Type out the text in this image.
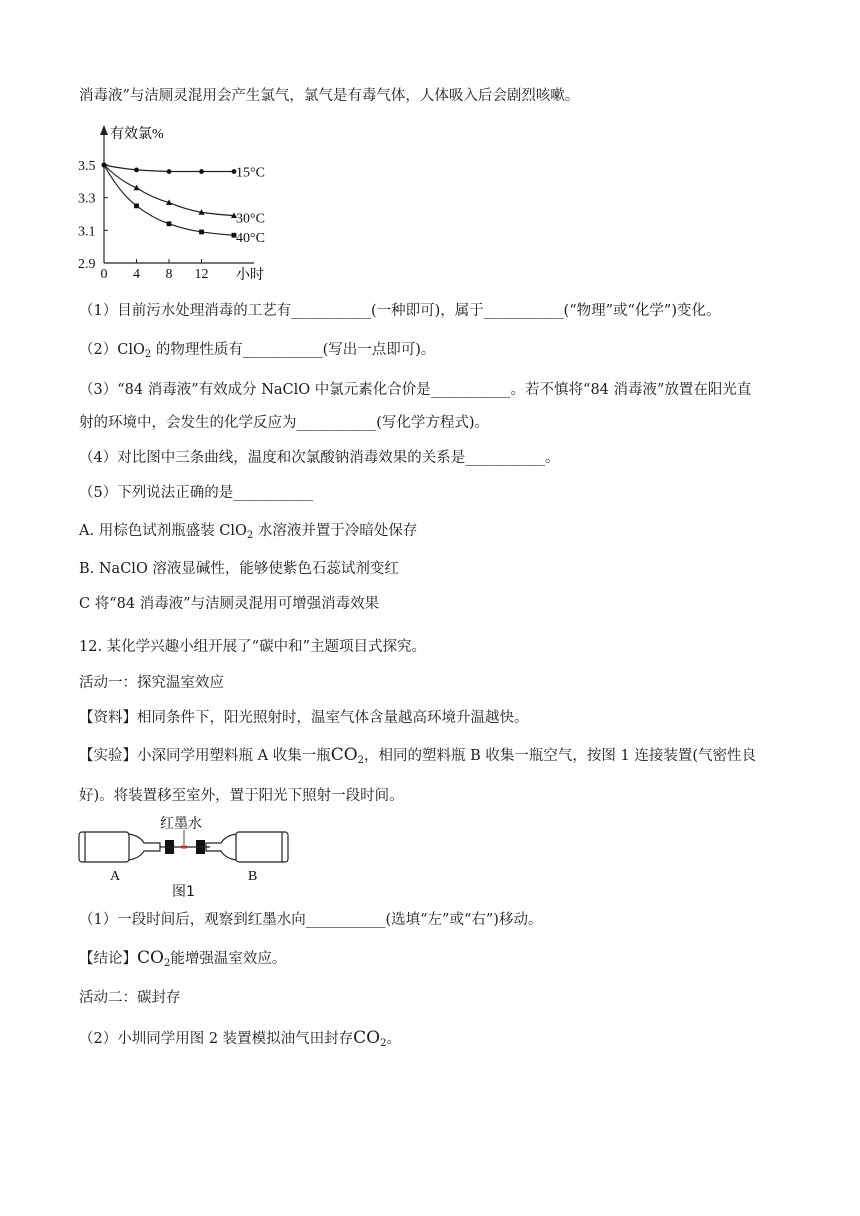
消毒液”与洁厕灵混用会产生氯气，氯气是有毒气体，人体吸入后会剧烈咳嗽。
有效氯%
小时
2.9
3.1
3.3
3.5
0 4 8 12
15°C
30°C
40°C
（1）目前污水处理消毒的工艺有___________(一种即可)，属于___________(“物理”或“化学”)变化。
（2）ClO$_2$ 的物理性质有___________(写出一点即可)。
（3）“84 消毒液”有效成分 NaClO 中氯元素化合价是___________。若不慎将“84 消毒液”放置在阳光直
射的环境中，会发生的化学反应为___________(写化学方程式)。
（4）对比图中三条曲线，温度和次氯酸钠消毒效果的关系是___________。
（5）下列说法正确的是___________
A. 用棕色试剂瓶盛装 ClO$_2$ 水溶液并置于冷暗处保存
B. NaClO 溶液显碱性，能够使紫色石蕊试剂变红
C 将“84 消毒液”与洁厕灵混用可增强消毒效果
12. 某化学兴趣小组开展了“碳中和”主题项目式探究。
活动一：探究温室效应
【资料】相同条件下，阳光照射时，温室气体含量越高环境升温越快。
【实验】小深同学用塑料瓶 A 收集一瓶$CO_2$，相同的塑料瓶 B 收集一瓶空气，按图 1 连接装置(气密性良
好)。将装置移至室外，置于阳光下照射一段时间。
红墨水
A	B
图1
（1）一段时间后，观察到红墨水向___________(选填“左”或“右”)移动。
【结论】$CO_2$能增强温室效应。
活动二：碳封存
（2）小圳同学用图 2 装置模拟油气田封存$CO_2$。
